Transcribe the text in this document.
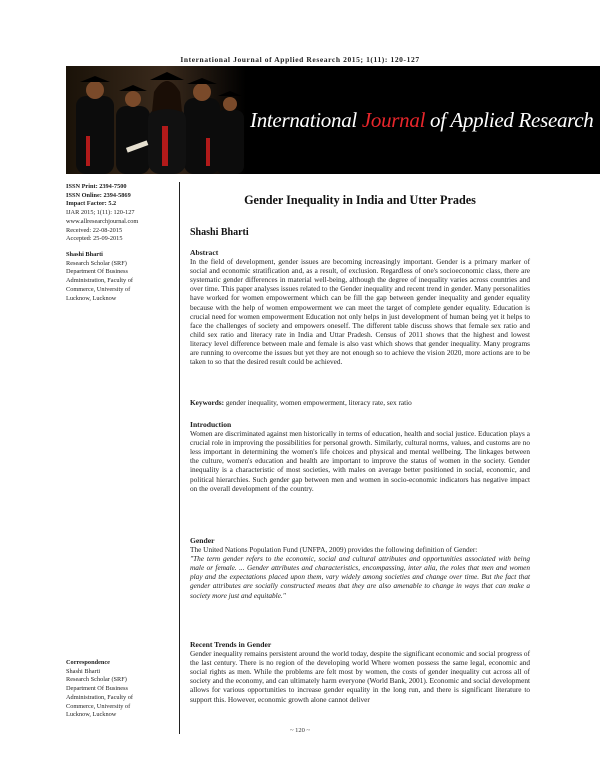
International Journal of Applied Research 2015; 1(11): 120-127
International Journal of Applied Research
ISSN Print: 2394-7500
ISSN Online: 2394-5869
Impact Factor: 5.2
IJAR 2015; 1(11): 120-127
www.allresearchjournal.com
Received: 22-08-2015
Accepted: 25-09-2015
Shashi Bharti
Research Scholar (SRF)
Department Of Business
Administration, Faculty of
Commerce, University of
Lucknow, Lucknow
Correspondence
Shashi Bharti
Research Scholar (SRF)
Department Of Business
Administration, Faculty of
Commerce, University of
Lucknow, Lucknow
Gender Inequality in India and Utter Prades
Shashi Bharti
Abstract

In the field of development, gender issues are becoming increasingly important. Gender is a primary marker of social and economic stratification and, as a result, of exclusion. Regardless of one's socioeconomic class, there are systematic gender differences in material well-being, although the degree of inequality varies across countries and over time. This paper analyses issues related to the Gender inequality and recent trend in gender. Many personalities have worked for women empowerment which can be fill the gap between gender inequality and gender equality because with the help of women empowerment we can meet the target of complete gender equality. Education is crucial need for women empowerment Education not only helps in just development of human being yet it helps to face the challenges of society and empowers oneself. The different table discuss shows that female sex ratio and child sex ratio and literacy rate in India and Uttar Pradesh. Census of 2011 shows that the highest and lowest literacy level difference between male and female is also vast which shows that gender inequality. Many programs are running to overcome the issues but yet they are not enough so to achieve the vision 2020, more actions are to be taken to so that the desired result could be achieved.

Keywords: gender inequality, women empowerment, literacy rate, sex ratio

Introduction

Women are discriminated against men historically in terms of education, health and social justice. Education plays a crucial role in improving the possibilities for personal growth. Similarly, cultural norms, values, and customs are no less important in determining the women's life choices and physical and mental wellbeing. The linkages between the culture, women's education and health are important to improve the status of women in the society. Gender inequality is a characteristic of most societies, with males on average better positioned in social, economic, and political hierarchies. Such gender gap between men and women in socio-economic indicators has negative impact on the overall development of the country.

Gender

The United Nations Population Fund (UNFPA, 2009) provides the following definition of Gender:

"The term gender refers to the economic, social and cultural attributes and opportunities associated with being male or female. ... Gender attributes and characteristics, encompassing, inter alia, the roles that men and women play and the expectations placed upon them, vary widely among societies and change over time. But the fact that gender attributes are socially constructed means that they are also amenable to change in ways that can make a society more just and equitable."

Recent Trends in Gender

Gender inequality remains persistent around the world today, despite the significant economic and social progress of the last century. There is no region of the developing world Where women possess the same legal, economic and social rights as men. While the problems are felt most by women, the costs of gender inequality cut across all of society and the economy, and can ultimately harm everyone (World Bank, 2001). Economic and social development allows for various opportunities to increase gender equality in the long run, and there is significant literature to support this. However, economic growth alone cannot deliver

~ 120 ~
